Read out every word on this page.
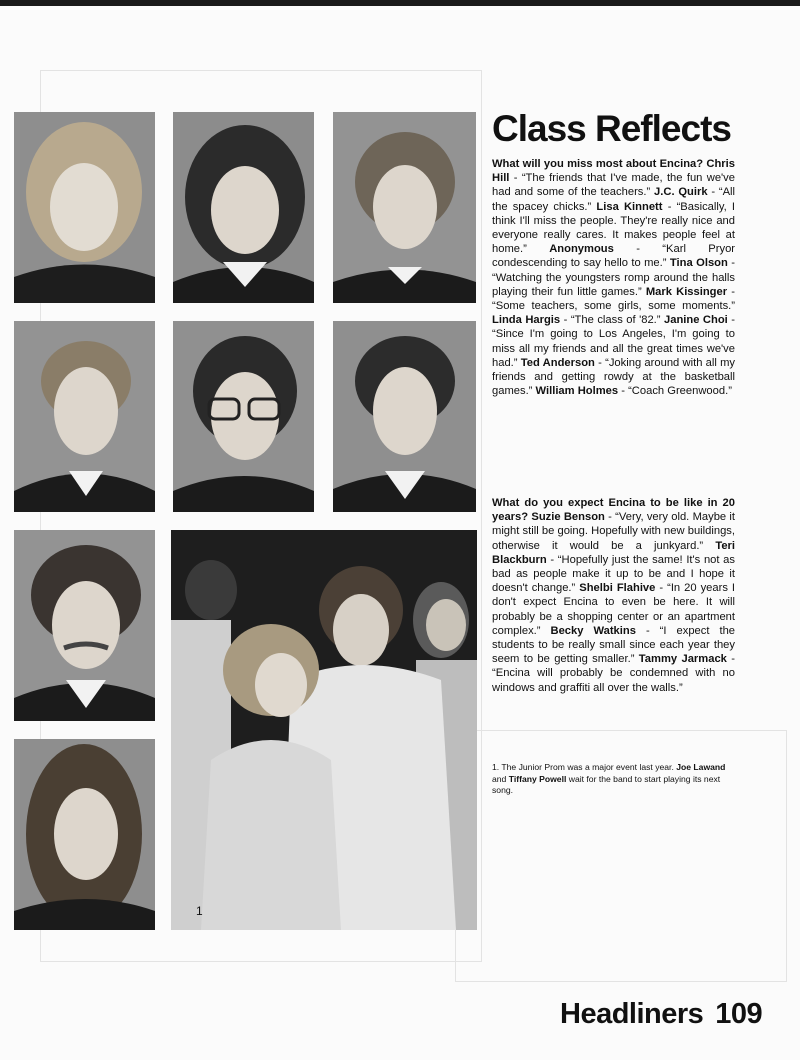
1
Class Reflects
What will you miss most about Encina? Chris Hill - “The friends that I've made, the fun we've had and some of the teachers.” J.C. Quirk - “All the spacey chicks.” Lisa Kinnett - “Basically, I think I'll miss the people. They're really nice and everyone really cares. It makes people feel at home.” Anonymous - “Karl Pryor condescending to say hello to me.” Tina Olson - “Watching the youngsters romp around the halls playing their fun little games.” Mark Kissinger - “Some teachers, some girls, some moments.” Linda Hargis - “The class of '82.” Janine Choi - “Since I'm going to Los Angeles, I'm going to miss all my friends and all the great times we've had.” Ted Anderson - “Joking around with all my friends and getting rowdy at the basketball games.” William Holmes - “Coach Greenwood.”
What do you expect Encina to be like in 20 years? Suzie Benson - “Very, very old. Maybe it might still be going. Hopefully with new buildings, otherwise it would be a junkyard.” Teri Blackburn - “Hopefully just the same! It's not as bad as people make it up to be and I hope it doesn't change.” Shelbi Flahive - “In 20 years I don't expect Encina to even be here. It will probably be a shopping center or an apartment complex.” Becky Watkins - “I expect the students to be really small since each year they seem to be getting smaller.” Tammy Jarmack - “Encina will probably be condemned with no windows and graffiti all over the walls.”
1. The Junior Prom was a major event last year. Joe Lawand and Tiffany Powell wait for the band to start playing its next song.
Headliners 109
